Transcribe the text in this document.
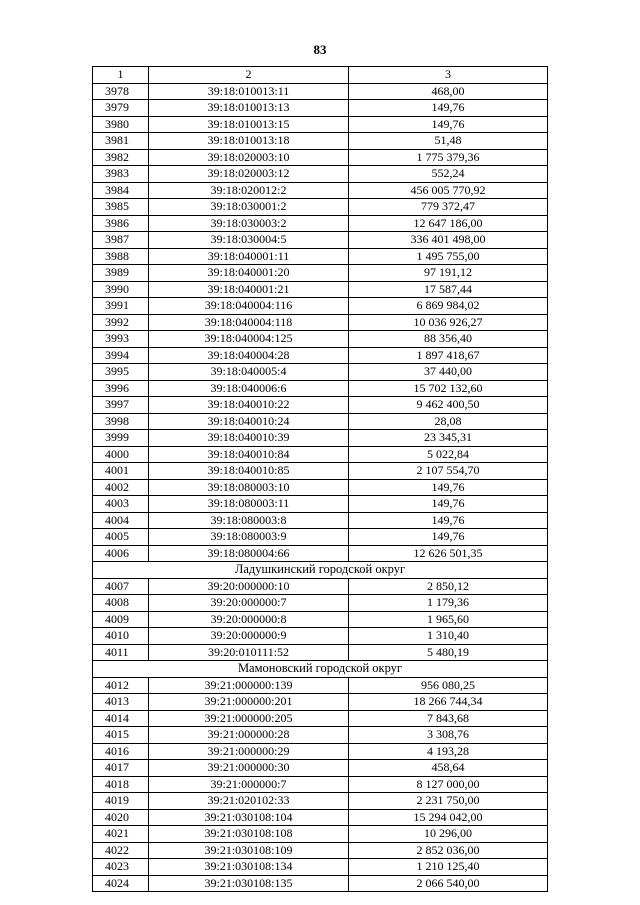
83
1	2	3
3978	39:18:010013:11	468,00
3979	39:18:010013:13	149,76
3980	39:18:010013:15	149,76
3981	39:18:010013:18	51,48
3982	39:18:020003:10	1 775 379,36
3983	39:18:020003:12	552,24
3984	39:18:020012:2	456 005 770,92
3985	39:18:030001:2	779 372,47
3986	39:18:030003:2	12 647 186,00
3987	39:18:030004:5	336 401 498,00
3988	39:18:040001:11	1 495 755,00
3989	39:18:040001:20	97 191,12
3990	39:18:040001:21	17 587,44
3991	39:18:040004:116	6 869 984,02
3992	39:18:040004:118	10 036 926,27
3993	39:18:040004:125	88 356,40
3994	39:18:040004:28	1 897 418,67
3995	39:18:040005:4	37 440,00
3996	39:18:040006:6	15 702 132,60
3997	39:18:040010:22	9 462 400,50
3998	39:18:040010:24	28,08
3999	39:18:040010:39	23 345,31
4000	39:18:040010:84	5 022,84
4001	39:18:040010:85	2 107 554,70
4002	39:18:080003:10	149,76
4003	39:18:080003:11	149,76
4004	39:18:080003:8	149,76
4005	39:18:080003:9	149,76
4006	39:18:080004:66	12 626 501,35
Ладушкинский городской округ		
4007	39:20:000000:10	2 850,12
4008	39:20:000000:7	1 179,36
4009	39:20:000000:8	1 965,60
4010	39:20:000000:9	1 310,40
4011	39:20:010111:52	5 480,19
Мамоновский городской округ		
4012	39:21:000000:139	956 080,25
4013	39:21:000000:201	18 266 744,34
4014	39:21:000000:205	7 843,68
4015	39:21:000000:28	3 308,76
4016	39:21:000000:29	4 193,28
4017	39:21:000000:30	458,64
4018	39:21:000000:7	8 127 000,00
4019	39:21:020102:33	2 231 750,00
4020	39:21:030108:104	15 294 042,00
4021	39:21:030108:108	10 296,00
4022	39:21:030108:109	2 852 036,00
4023	39:21:030108:134	1 210 125,40
4024	39:21:030108:135	2 066 540,00
